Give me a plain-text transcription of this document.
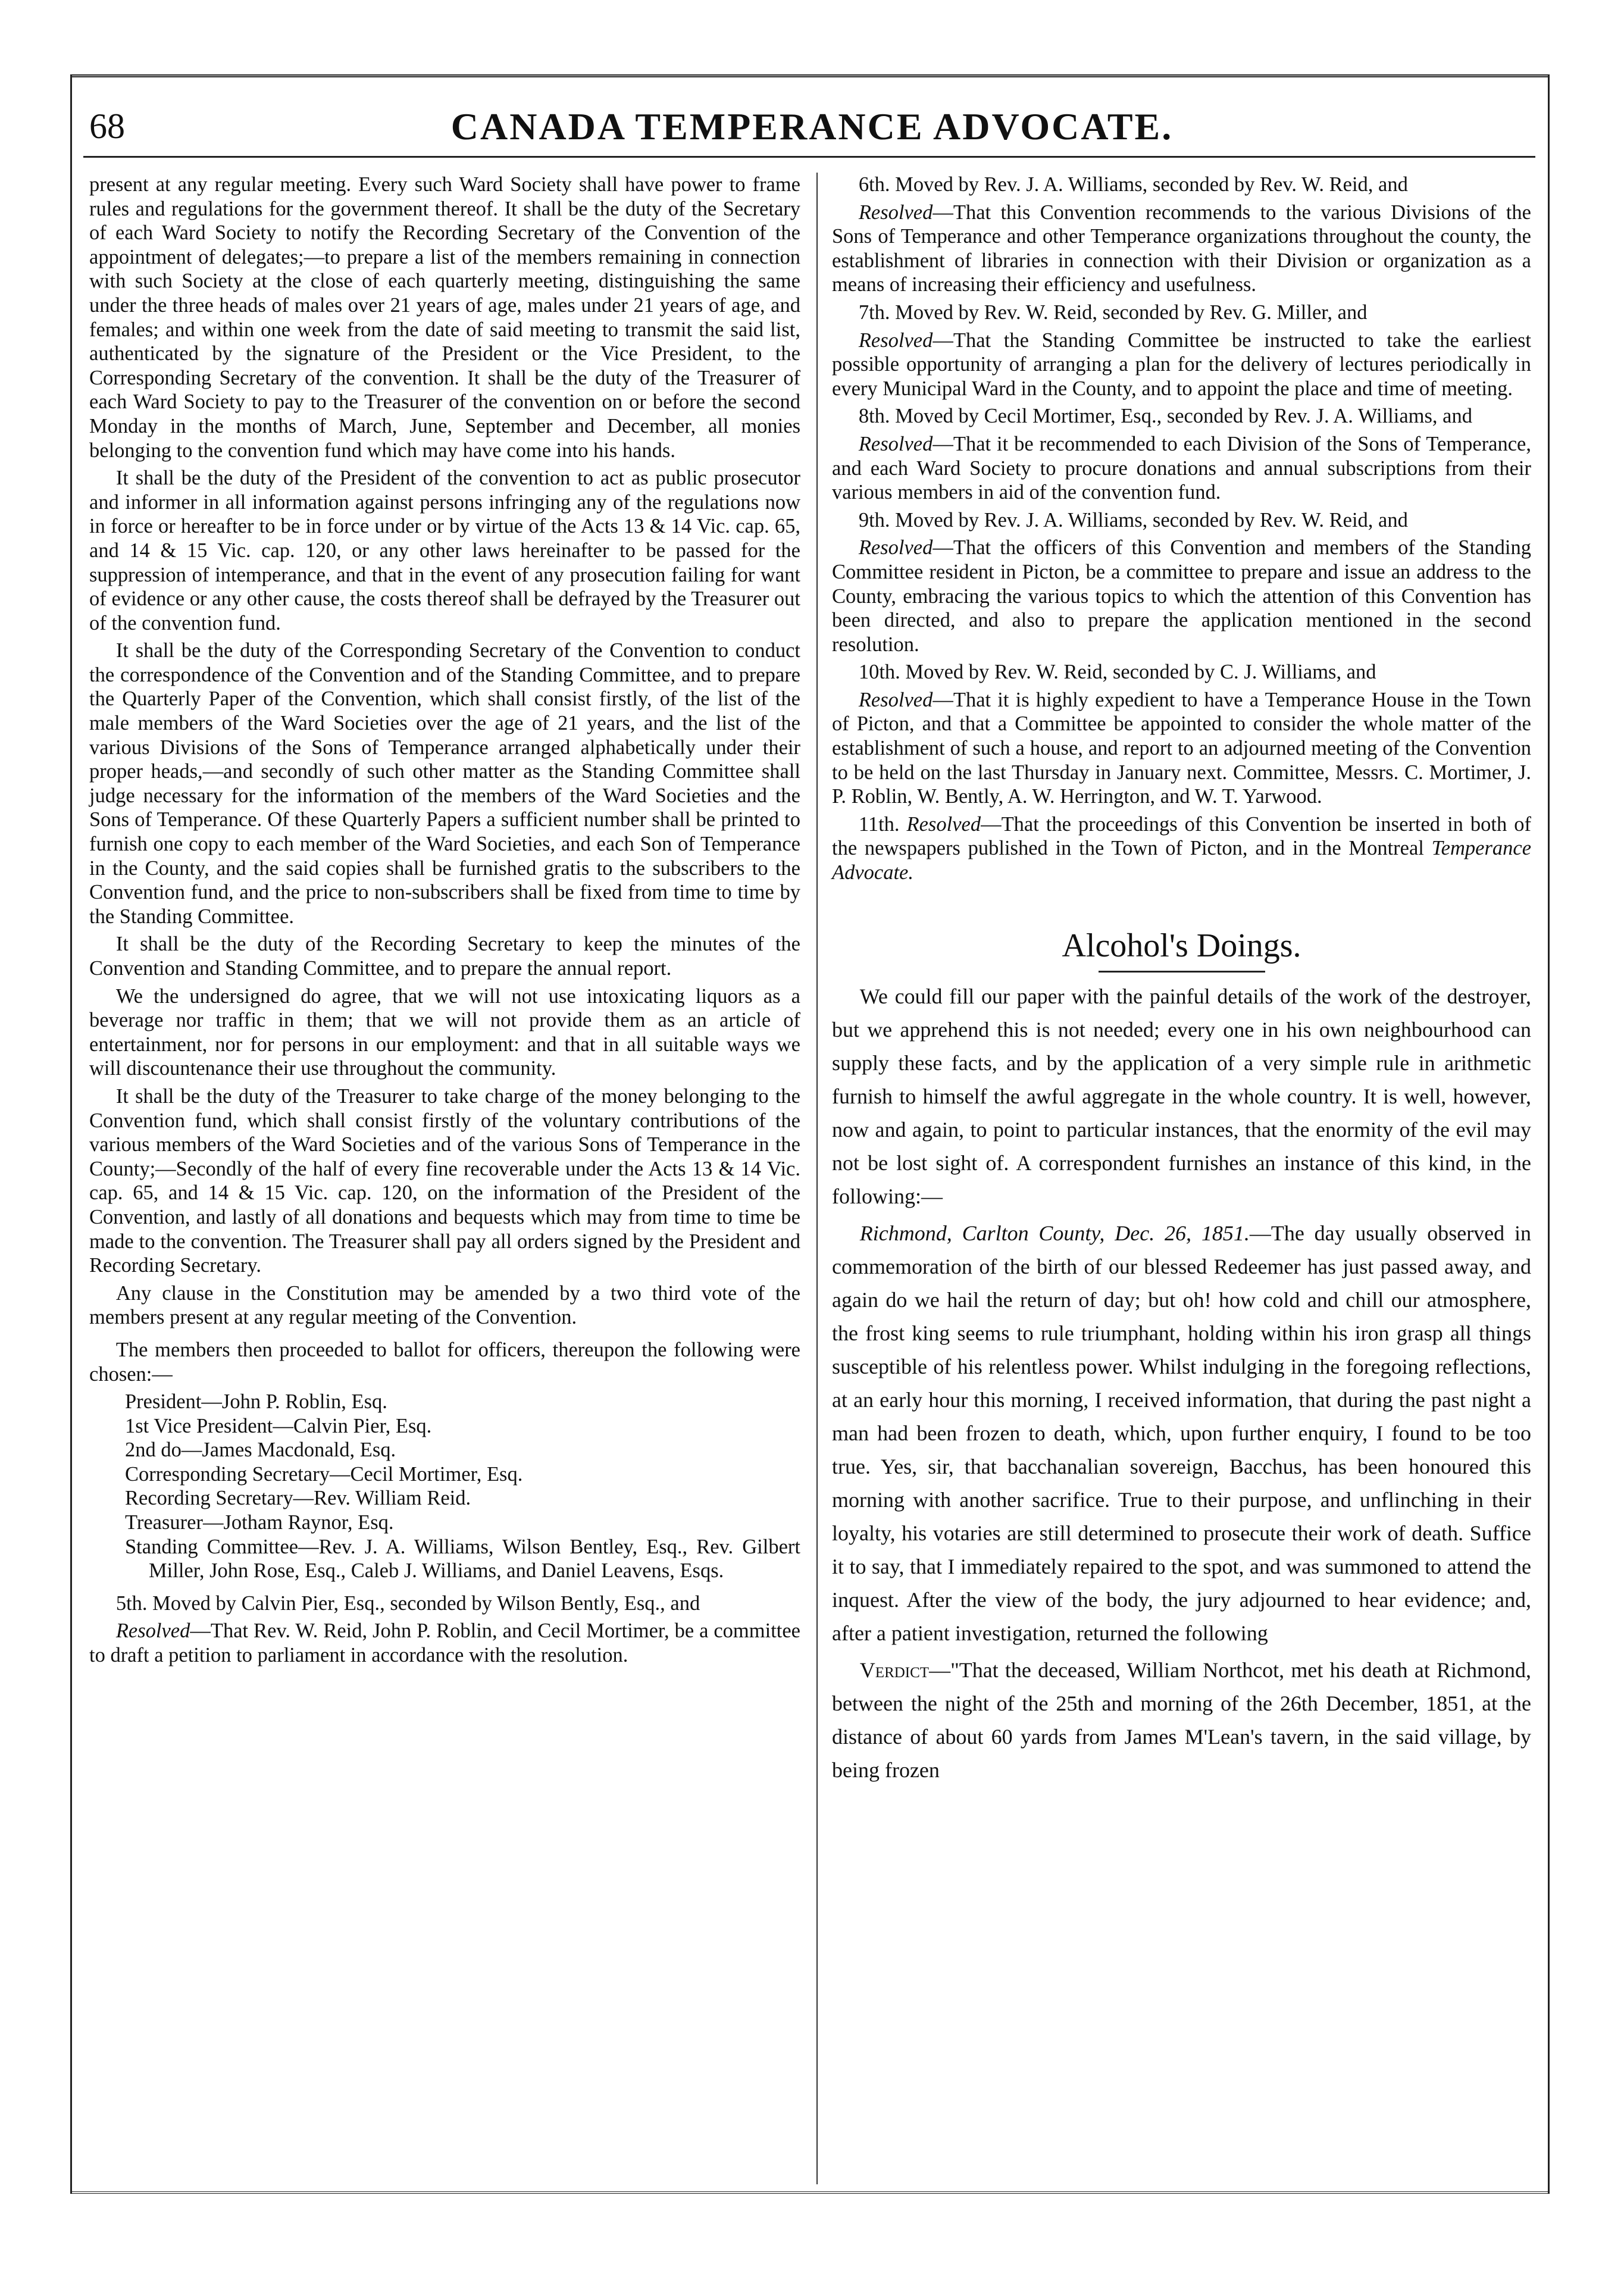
68	CANADA TEMPERANCE ADVOCATE.

present at any regular meeting. Every such Ward Society shall have power to frame rules and regulations for the government thereof. It shall be the duty of the Secretary of each Ward Society to notify the Recording Secretary of the Convention of the appointment of delegates;—to prepare a list of the members remaining in connection with such Society at the close of each quarterly meeting, distinguishing the same under the three heads of males over 21 years of age, males under 21 years of age, and females; and within one week from the date of said meeting to transmit the said list, authenticated by the signature of the President or the Vice President, to the Corresponding Secretary of the convention. It shall be the duty of the Treasurer of each Ward Society to pay to the Treasurer of the convention on or before the second Monday in the months of March, June, September and December, all monies belonging to the convention fund which may have come into his hands.

It shall be the duty of the President of the convention to act as public prosecutor and informer in all information against persons infringing any of the regulations now in force or hereafter to be in force under or by virtue of the Acts 13 & 14 Vic. cap. 65, and 14 & 15 Vic. cap. 120, or any other laws hereinafter to be passed for the suppression of intemperance, and that in the event of any prosecution failing for want of evidence or any other cause, the costs thereof shall be defrayed by the Treasurer out of the convention fund.

It shall be the duty of the Corresponding Secretary of the Convention to conduct the correspondence of the Convention and of the Standing Committee, and to prepare the Quarterly Paper of the Convention, which shall consist firstly, of the list of the male members of the Ward Societies over the age of 21 years, and the list of the various Divisions of the Sons of Temperance arranged alphabetically under their proper heads,—and secondly of such other matter as the Standing Committee shall judge necessary for the information of the members of the Ward Societies and the Sons of Temperance. Of these Quarterly Papers a sufficient number shall be printed to furnish one copy to each member of the Ward Societies, and each Son of Temperance in the County, and the said copies shall be furnished gratis to the subscribers to the Convention fund, and the price to non-subscribers shall be fixed from time to time by the Standing Committee.

It shall be the duty of the Recording Secretary to keep the minutes of the Convention and Standing Committee, and to prepare the annual report.

We the undersigned do agree, that we will not use intoxicating liquors as a beverage nor traffic in them; that we will not provide them as an article of entertainment, nor for persons in our employment: and that in all suitable ways we will discountenance their use throughout the community.

It shall be the duty of the Treasurer to take charge of the money belonging to the Convention fund, which shall consist firstly of the voluntary contributions of the various members of the Ward Societies and of the various Sons of Temperance in the County;—Secondly of the half of every fine recoverable under the Acts 13 & 14 Vic. cap. 65, and 14 & 15 Vic. cap. 120, on the information of the President of the Convention, and lastly of all donations and bequests which may from time to time be made to the convention. The Treasurer shall pay all orders signed by the President and Recording Secretary.

Any clause in the Constitution may be amended by a two third vote of the members present at any regular meeting of the Convention.

The members then proceeded to ballot for officers, thereupon the following were chosen:—

President—John P. Roblin, Esq.
1st Vice President—Calvin Pier, Esq.
2nd do—James Macdonald, Esq.
Corresponding Secretary—Cecil Mortimer, Esq.
Recording Secretary—Rev. William Reid.
Treasurer—Jotham Raynor, Esq.
Standing Committee—Rev. J. A. Williams, Wilson Bentley, Esq., Rev. Gilbert Miller, John Rose, Esq., Caleb J. Williams, and Daniel Leavens, Esqs.

5th. Moved by Calvin Pier, Esq., seconded by Wilson Bently, Esq., and

Resolved—That Rev. W. Reid, John P. Roblin, and Cecil Mortimer, be a committee to draft a petition to parliament in accordance with the resolution.

6th. Moved by Rev. J. A. Williams, seconded by Rev. W. Reid, and

Resolved—That this Convention recommends to the various Divisions of the Sons of Temperance and other Temperance organizations throughout the county, the establishment of libraries in connection with their Division or organization as a means of increasing their efficiency and usefulness.

7th. Moved by Rev. W. Reid, seconded by Rev. G. Miller, and

Resolved—That the Standing Committee be instructed to take the earliest possible opportunity of arranging a plan for the delivery of lectures periodically in every Municipal Ward in the County, and to appoint the place and time of meeting.

8th. Moved by Cecil Mortimer, Esq., seconded by Rev. J. A. Williams, and

Resolved—That it be recommended to each Division of the Sons of Temperance, and each Ward Society to procure donations and annual subscriptions from their various members in aid of the convention fund.

9th. Moved by Rev. J. A. Williams, seconded by Rev. W. Reid, and

Resolved—That the officers of this Convention and members of the Standing Committee resident in Picton, be a committee to prepare and issue an address to the County, embracing the various topics to which the attention of this Convention has been directed, and also to prepare the application mentioned in the second resolution.

10th. Moved by Rev. W. Reid, seconded by C. J. Williams, and

Resolved—That it is highly expedient to have a Temperance House in the Town of Picton, and that a Committee be appointed to consider the whole matter of the establishment of such a house, and report to an adjourned meeting of the Convention to be held on the last Thursday in January next. Committee, Messrs. C. Mortimer, J. P. Roblin, W. Bently, A. W. Herrington, and W. T. Yarwood.

11th. Resolved—That the proceedings of this Convention be inserted in both of the newspapers published in the Town of Picton, and in the Montreal Temperance Advocate.

Alcohol's Doings.

We could fill our paper with the painful details of the work of the destroyer, but we apprehend this is not needed; every one in his own neighbourhood can supply these facts, and by the application of a very simple rule in arithmetic furnish to himself the awful aggregate in the whole country. It is well, however, now and again, to point to particular instances, that the enormity of the evil may not be lost sight of. A correspondent furnishes an instance of this kind, in the following:—

Richmond, Carlton County, Dec. 26, 1851.—The day usually observed in commemoration of the birth of our blessed Redeemer has just passed away, and again do we hail the return of day; but oh! how cold and chill our atmosphere, the frost king seems to rule triumphant, holding within his iron grasp all things susceptible of his relentless power. Whilst indulging in the foregoing reflections, at an early hour this morning, I received information, that during the past night a man had been frozen to death, which, upon further enquiry, I found to be too true. Yes, sir, that bacchanalian sovereign, Bacchus, has been honoured this morning with another sacrifice. True to their purpose, and unflinching in their loyalty, his votaries are still determined to prosecute their work of death. Suffice it to say, that I immediately repaired to the spot, and was summoned to attend the inquest. After the view of the body, the jury adjourned to hear evidence; and, after a patient investigation, returned the following

Verdict—"That the deceased, William Northcot, met his death at Richmond, between the night of the 25th and morning of the 26th December, 1851, at the distance of about 60 yards from James M'Lean's tavern, in the said village, by being frozen
